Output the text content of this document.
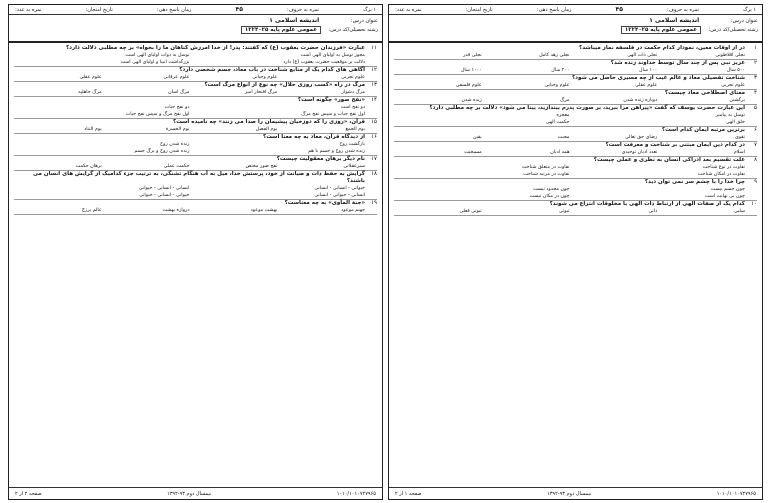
۱ برگ
نمره به حروف:
۴۵
زمان پاسخ دهی:
تاریخ امتحان:
نمره به عدد:
عنوان درس: اندیشه اسلامی ۱
رشته تحصیلی/کد درس: عمومی علوم پایه ۱۲۲۴۰۲۵
۱
در از اوقات معین، نمودار کدام حکمت در فلسفه نماز میباشد؟
تجلی افلاطونی
تجلی ذات الهی
تجلی زهد کامل
تجلی قدر
۲
عزیز نبی پس از چند سال توسط خداوند زنده شد؟
۵۰۰ سال
۱۰۰ سال
۲۰۰ سال
۱۰۰۰ سال
۳
شناخت تفصیلی معاد و عالم غیب از چه مسیری حاصل می شود؟
علوم تجربی
علوم عقلی
علوم وحیانی
علوم فلسفی
۴
معنای اصطلاحی معاد چیست؟
برگشتن
دوباره زنده شدن
مرگ
زنده شدن
۵
این عبارت حضرت یوسف که گفت «پیراهن مرا ببرید، بر صورت پدرم بیندازید، بینا می شود» دلالت بر چه مطلبی دارد؟
توسل به پیامبر
معجزه
خلق الهی
حکمت الهی
۶
برترین مرتبه ایمان کدام است؟
تقوی
رضای حق تعالی
محبت
یقین
۷
در کدام دین ایمان مبتنی بر شناخت و معرفت است؟
اسلام
تعدد ادیان توحیدی
همه ادیان
مسیحیت
۸
علت تقسیم بعد ادراکی انسان به نظری و عملی چیست؟
تفاوت در نوع شناخت
تفاوت در متعلق شناخت
تفاوت در امکان شناخت
تفاوت در مرتبه شناخت
۹
چرا خدا را با چشم سر نمی توان دید؟
چون جسم نیست
چون محدود نیست
چون بی نهایت است
چون در مکان نیست
۱۰
کدام یک از صفات الهی از ارتباط ذات الهی با مخلوقات انتزاع می شوند؟
سلبی
ذاتی
ثبوتی
ثبوتی فعلی
صفحه ۱ از ۲	نیمسال دوم ۹۳-۱۳۹۲	۱۰۱۰/۱۰۱۰۷۲۷۹۶۵
۱ برگ
نمره به حروف:
۴۵
زمان پاسخ دهی:
تاریخ امتحان:
نمره به عدد:
عنوان درس: اندیشه اسلامی ۱
رشته تحصیلی/کد درس: عمومی علوم پایه ۱۲۲۴۰۲۵
۱۱
عبارت «فرزندان حضرت یعقوب (ع) که گفتند: پدر! از خدا آمرزش گناهان ما را بخواه» بر چه مطلبی دلالت دارد؟
مجوز توسل به اولیای الهی است
توسل به ذوات اولیای الهی است
دلالت بر موقعیت حضرت یعقوب (ع) دارد
بزرگداشت انبیا و اولیای الهی است
۱۲
آگاهی های کدام یک از منابع شناخت در باب معاد، جسم شخصی دارد؟
علوم تجربی
علوم وحیانی
علوم عرفانی
علوم عقلی
۱۳
مرگ در راه «کسب روزی حلال» چه نوع از انواع مرگ است؟
مرگ دشوار
مرگ افتخار آمیز
مرگ آسان
مرگ جاهلیه
۱۴
«نفخ صور» چگونه است؟
دو نفخ است
دو نفخ حیات
اول نفخ حیات و سپس نفخ مرگ
اول نفخ مرگ و سپس نفخ حیات
۱۵
قرآن، «روزی را که دوزخیان پیشیمان را صدا می زنند» چه نامیده است؟
یوم الجمع
یوم الفصل
یوم الحسرة
یوم التناد
۱۶
از دیدگاه قرآن، معاد به چه معنا است؟
بازگشت روح
زنده شدن روح
زنده شدن روح و جسم با هم
زنده شدن روح و برگ جسم
۱۷
نام دیگر برهان معقولیت چیست؟
سیرعقلانی
نفخ صور مختص
حکمت عملی
برهان حکمت
۱۸
گرایش به حفظ ذات و صیانت از خود، پرستش خدا، میل به آب هنگام تشنگی، به ترتیب جزء کدامیک از گرایش های انسان می باشند؟
حیوانی - انسانی - انسانی
انسانی - انسانی - حیوانی
انسانی - حیوانی - انسانی
حیوانی - انسانی - حیوانی
۱۹
«جنة المأوی» به چه معناست؟
جهنم موعود
بهشت موعود
دروازه بهشت
عالم برزخ
صفحه ۲ از ۲	نیمسال دوم ۹۳-۱۳۹۲	۱۰۱۰/۱۰۱۰۷۲۷۹۶۵
